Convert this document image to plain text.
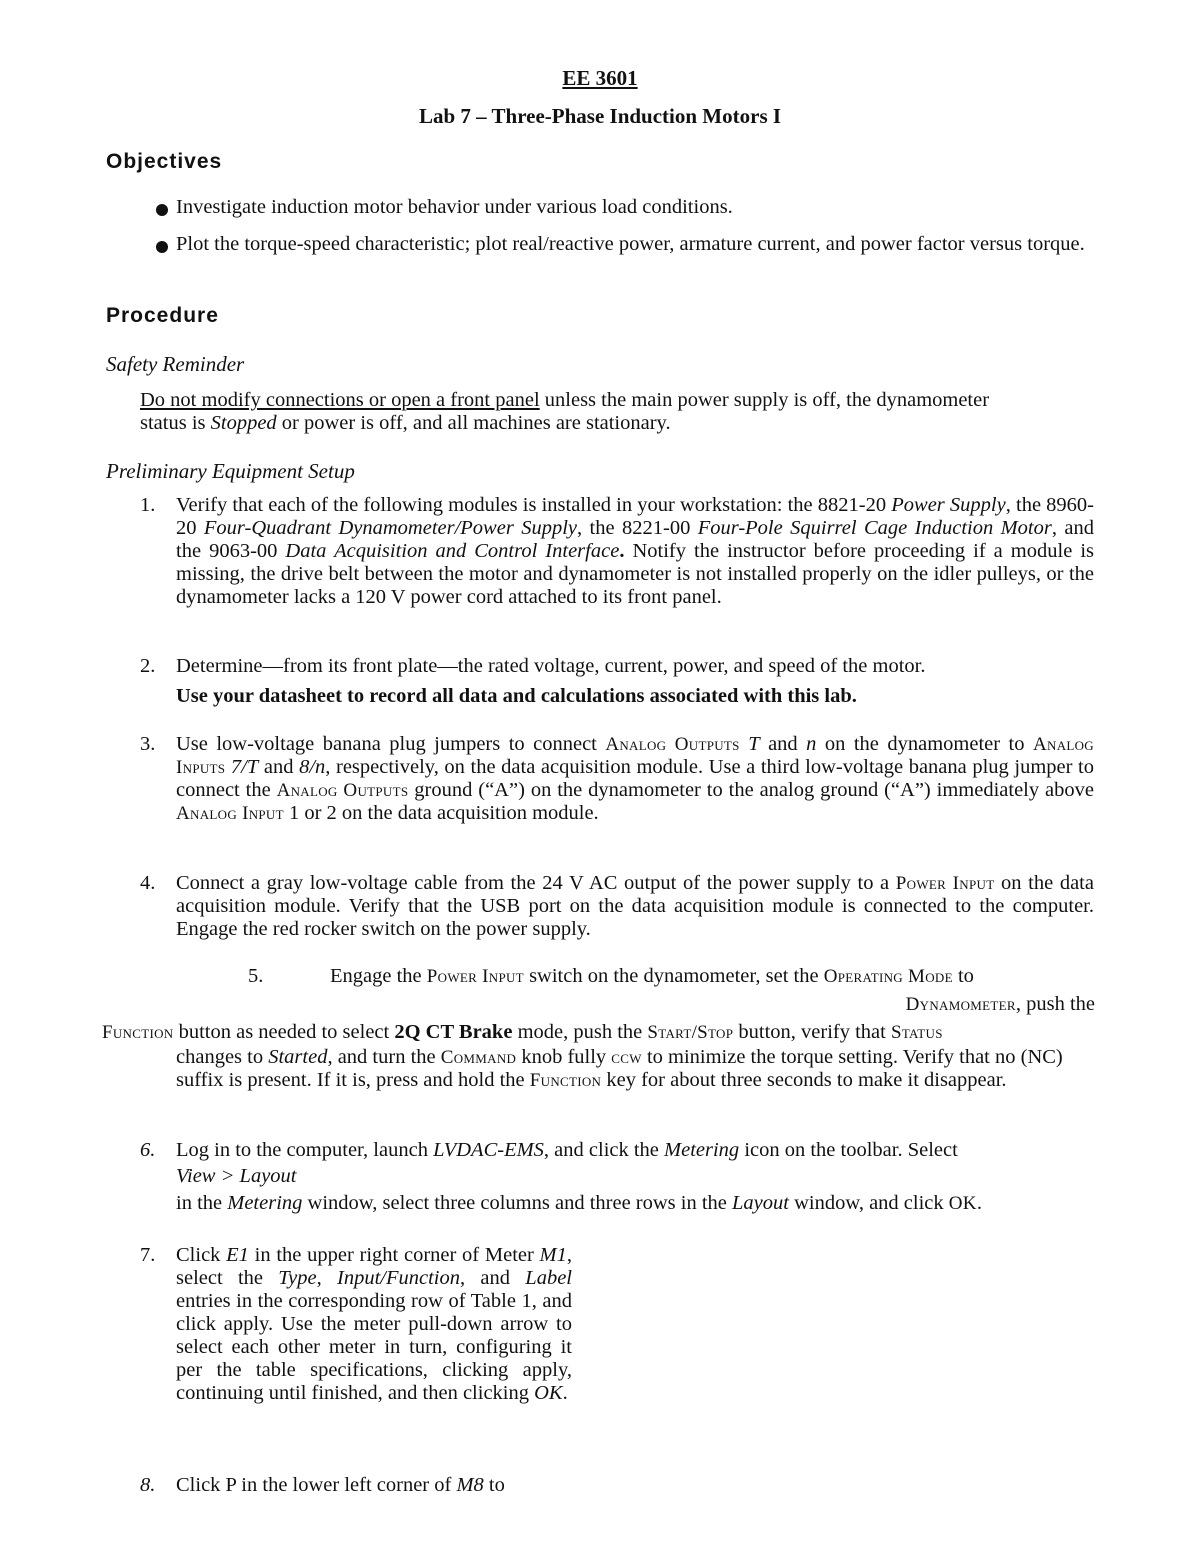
EE 3601
Lab 7 – Three-Phase Induction Motors I
Objectives
Investigate induction motor behavior under various load conditions.
Plot the torque-speed characteristic; plot real/reactive power, armature current, and power factor versus torque.
Procedure
Safety Reminder
Do not modify connections or open a front panel unless the main power supply is off, the dynamometer status is Stopped or power is off, and all machines are stationary.
Preliminary Equipment Setup
1. Verify that each of the following modules is installed in your workstation: the 8821-20 Power Supply, the 8960-20 Four-Quadrant Dynamometer/Power Supply, the 8221-00 Four-Pole Squirrel Cage Induction Motor, and the 9063-00 Data Acquisition and Control Interface. Notify the instructor before proceeding if a module is missing, the drive belt between the motor and dynamometer is not installed properly on the idler pulleys, or the dynamometer lacks a 120 V power cord attached to its front panel.
2. Determine—from its front plate—the rated voltage, current, power, and speed of the motor.
Use your datasheet to record all data and calculations associated with this lab.
3. Use low-voltage banana plug jumpers to connect Analog Outputs T and n on the dynamometer to Analog Inputs 7/T and 8/n, respectively, on the data acquisition module. Use a third low-voltage banana plug jumper to connect the Analog Outputs ground (“A”) on the dynamometer to the analog ground (“A”) immediately above Analog Input 1 or 2 on the data acquisition module.
4. Connect a gray low-voltage cable from the 24 V AC output of the power supply to a Power Input on the data acquisition module. Verify that the USB port on the data acquisition module is connected to the computer. Engage the red rocker switch on the power supply.
5.	Engage the Power Input switch on the dynamometer, set the Operating Mode to
Dynamometer, push the
Function button as needed to select 2Q CT Brake mode, push the Start/Stop button, verify that Status
changes to Started, and turn the Command knob fully ccw to minimize the torque setting. Verify that no (NC) suffix is present. If it is, press and hold the Function key for about three seconds to make it disappear.
6. Log in to the computer, launch LVDAC-EMS, and click the Metering icon on the toolbar. Select
View > Layout
in the Metering window, select three columns and three rows in the Layout window, and click OK.
7. Click E1 in the upper right corner of Meter M1, select the Type, Input/Function, and Label entries in the corresponding row of Table 1, and click apply. Use the meter pull-down arrow to select each other meter in turn, configuring it per the table specifications, clicking apply, continuing until finished, and then clicking OK.
8. Click P in the lower left corner of M8 to
